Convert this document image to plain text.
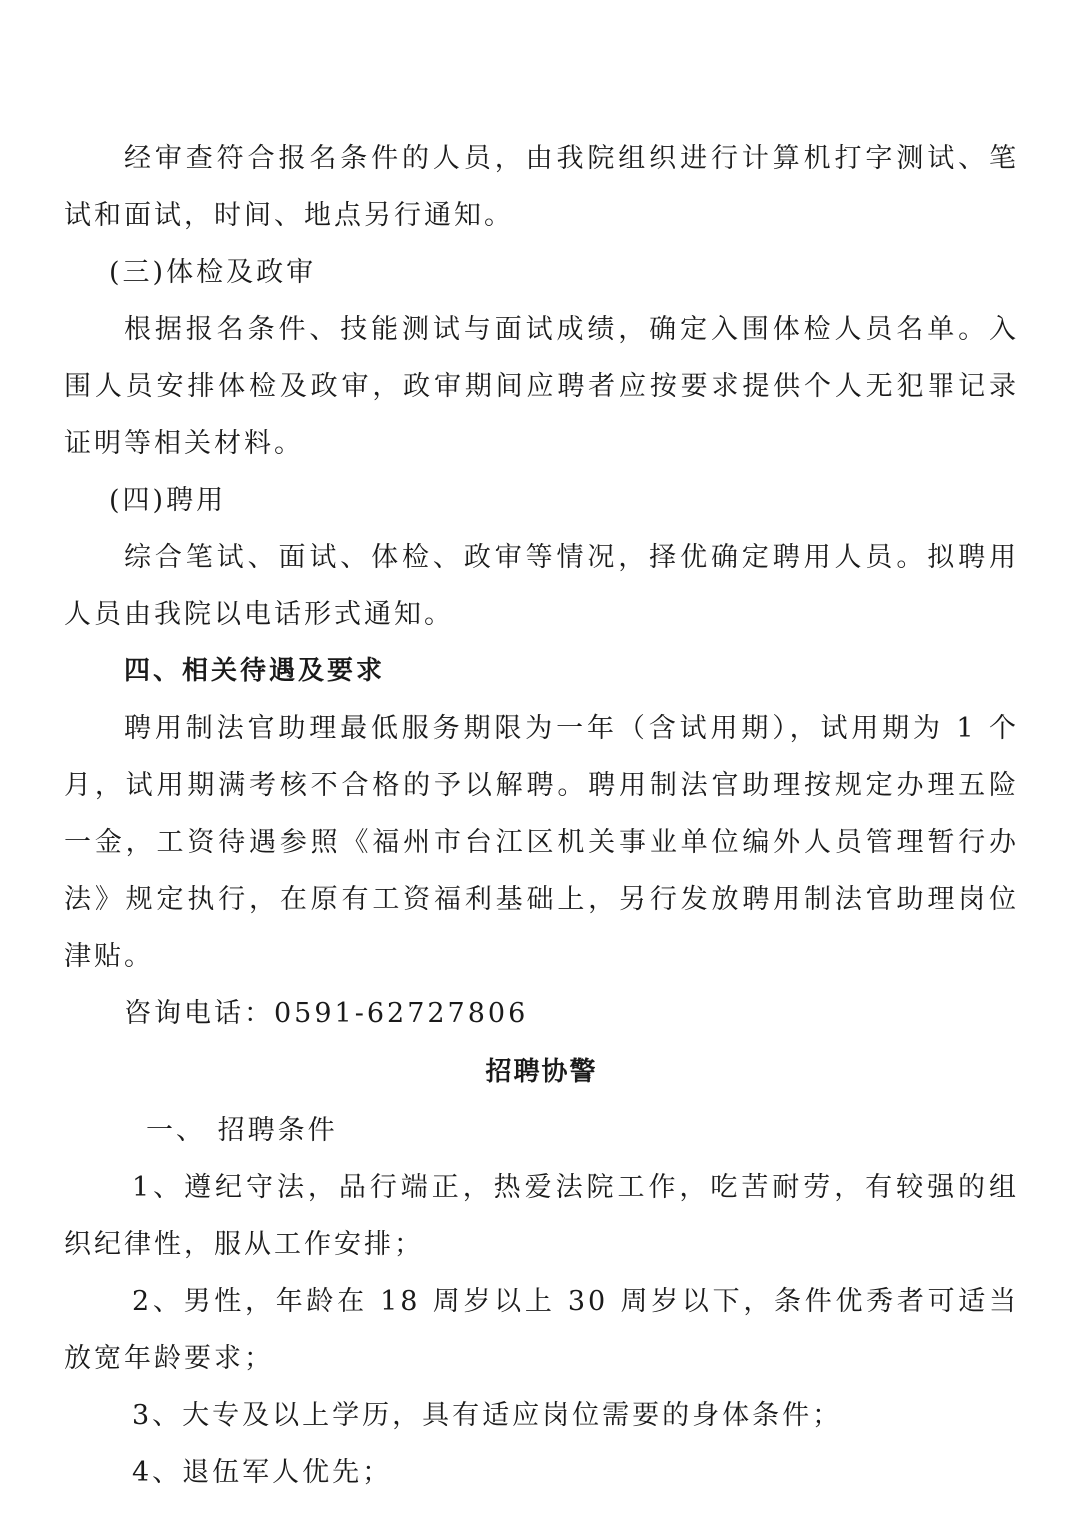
经审查符合报名条件的人员，由我院组织进行计算机打字测试、笔试和面试，时间、地点另行通知。

(三)体检及政审

根据报名条件、技能测试与面试成绩，确定入围体检人员名单。入围人员安排体检及政审，政审期间应聘者应按要求提供个人无犯罪记录证明等相关材料。

(四)聘用

综合笔试、面试、体检、政审等情况，择优确定聘用人员。拟聘用人员由我院以电话形式通知。

四、相关待遇及要求

聘用制法官助理最低服务期限为一年（含试用期），试用期为 1 个月，试用期满考核不合格的予以解聘。聘用制法官助理按规定办理五险一金，工资待遇参照《福州市台江区机关事业单位编外人员管理暂行办法》规定执行，在原有工资福利基础上，另行发放聘用制法官助理岗位津贴。

咨询电话：0591-62727806

招聘协警

一、 招聘条件

1、遵纪守法，品行端正，热爱法院工作，吃苦耐劳，有较强的组织纪律性，服从工作安排；

2、男性，年龄在 18 周岁以上 30 周岁以下，条件优秀者可适当放宽年龄要求；

3、大专及以上学历，具有适应岗位需要的身体条件；

4、退伍军人优先；
